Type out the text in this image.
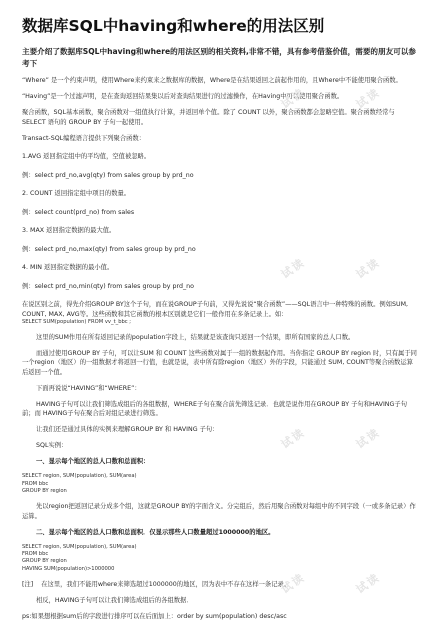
数据库SQL中having和where的用法区别
主要介绍了数据库SQL中having和where的用法区别的相关资料,非常不错，具有参考借鉴价值，需要的朋友可以参考下

“Where” 是一个约束声明，使用Where来约束来之数据库的数据，Where是在结果返回之前起作用的，且Where中不能使用聚合函数。

“Having”是一个过滤声明，是在查询返回结果集以后对查询结果进行的过滤操作，在Having中可以使用聚合函数。

聚合函数，SQL基本函数，聚合函数对一组值执行计算，并返回单个值。除了 COUNT 以外，聚合函数都会忽略空值。聚合函数经常与 SELECT 语句的 GROUP BY 子句一起使用。

Transact-SQL编程语言提供下列聚合函数：

1.AVG 返回指定组中的平均值，空值被忽略。

例：select prd_no,avg(qty) from sales group by prd_no

2. COUNT 返回指定组中项目的数量。

例：select count(prd_no) from sales

3. MAX 返回指定数据的最大值。

例：select prd_no,max(qty) from sales group by prd_no

4. MIN 返回指定数据的最小值。

例：select prd_no,min(qty) from sales group by prd_no

在说区别之前，得先介绍GROUP BY这个子句，而在说GROUP子句前，又得先说说“聚合函数”——SQL语言中一种特殊的函数。例如SUM, COUNT, MAX, AVG等。这些函数和其它函数的根本区别就是它们一般作用在多条记录上。如：

SELECT SUM(population) FROM vv_t_bbc ;

这里的SUM作用在所有返回记录的population字段上，结果就是该查询只返回一个结果，即所有国家的总人口数。

而通过使用GROUP BY 子句，可以让SUM 和 COUNT 这些函数对属于一组的数据起作用。当你指定 GROUP BY region 时，只有属于同一个region（地区）的一组数据才将返回一行值，也就是说，表中所有除region（地区）外的字段，只能通过 SUM, COUNT等聚合函数运算后返回一个值。

下面再说说“HAVING”和“WHERE”：

HAVING子句可以让我们筛选成组后的各组数据，WHERE子句在聚合前先筛选记录．也就是说作用在GROUP BY 子句和HAVING子句前；而 HAVING子句在聚合后对组记录进行筛选。

让我们还是通过具体的实例来理解GROUP BY 和 HAVING 子句：

SQL实例：

一、显示每个地区的总人口数和总面积：

SELECT region, SUM(population), SUM(area)
FROM bbc
GROUP BY region

先以region把返回记录分成多个组，这就是GROUP BY的字面含义。分完组后，然后用聚合函数对每组中的不同字段（一或多条记录）作运算。

二、显示每个地区的总人口数和总面积．仅显示那些人口数量超过1000000的地区。

SELECT region, SUM(population), SUM(area)
FROM bbc
GROUP BY region
HAVING SUM(population)>1000000

[注] 在这里，我们不能用where来筛选超过1000000的地区，因为表中不存在这样一条记录。

相反，HAVING子句可以让我们筛选成组后的各组数据．

ps:如果想根据sum后的字段进行排序可以在后面加上：order by sum(population) desc/asc

试读	试读
试读	试读
试读	试读
试读	试读
